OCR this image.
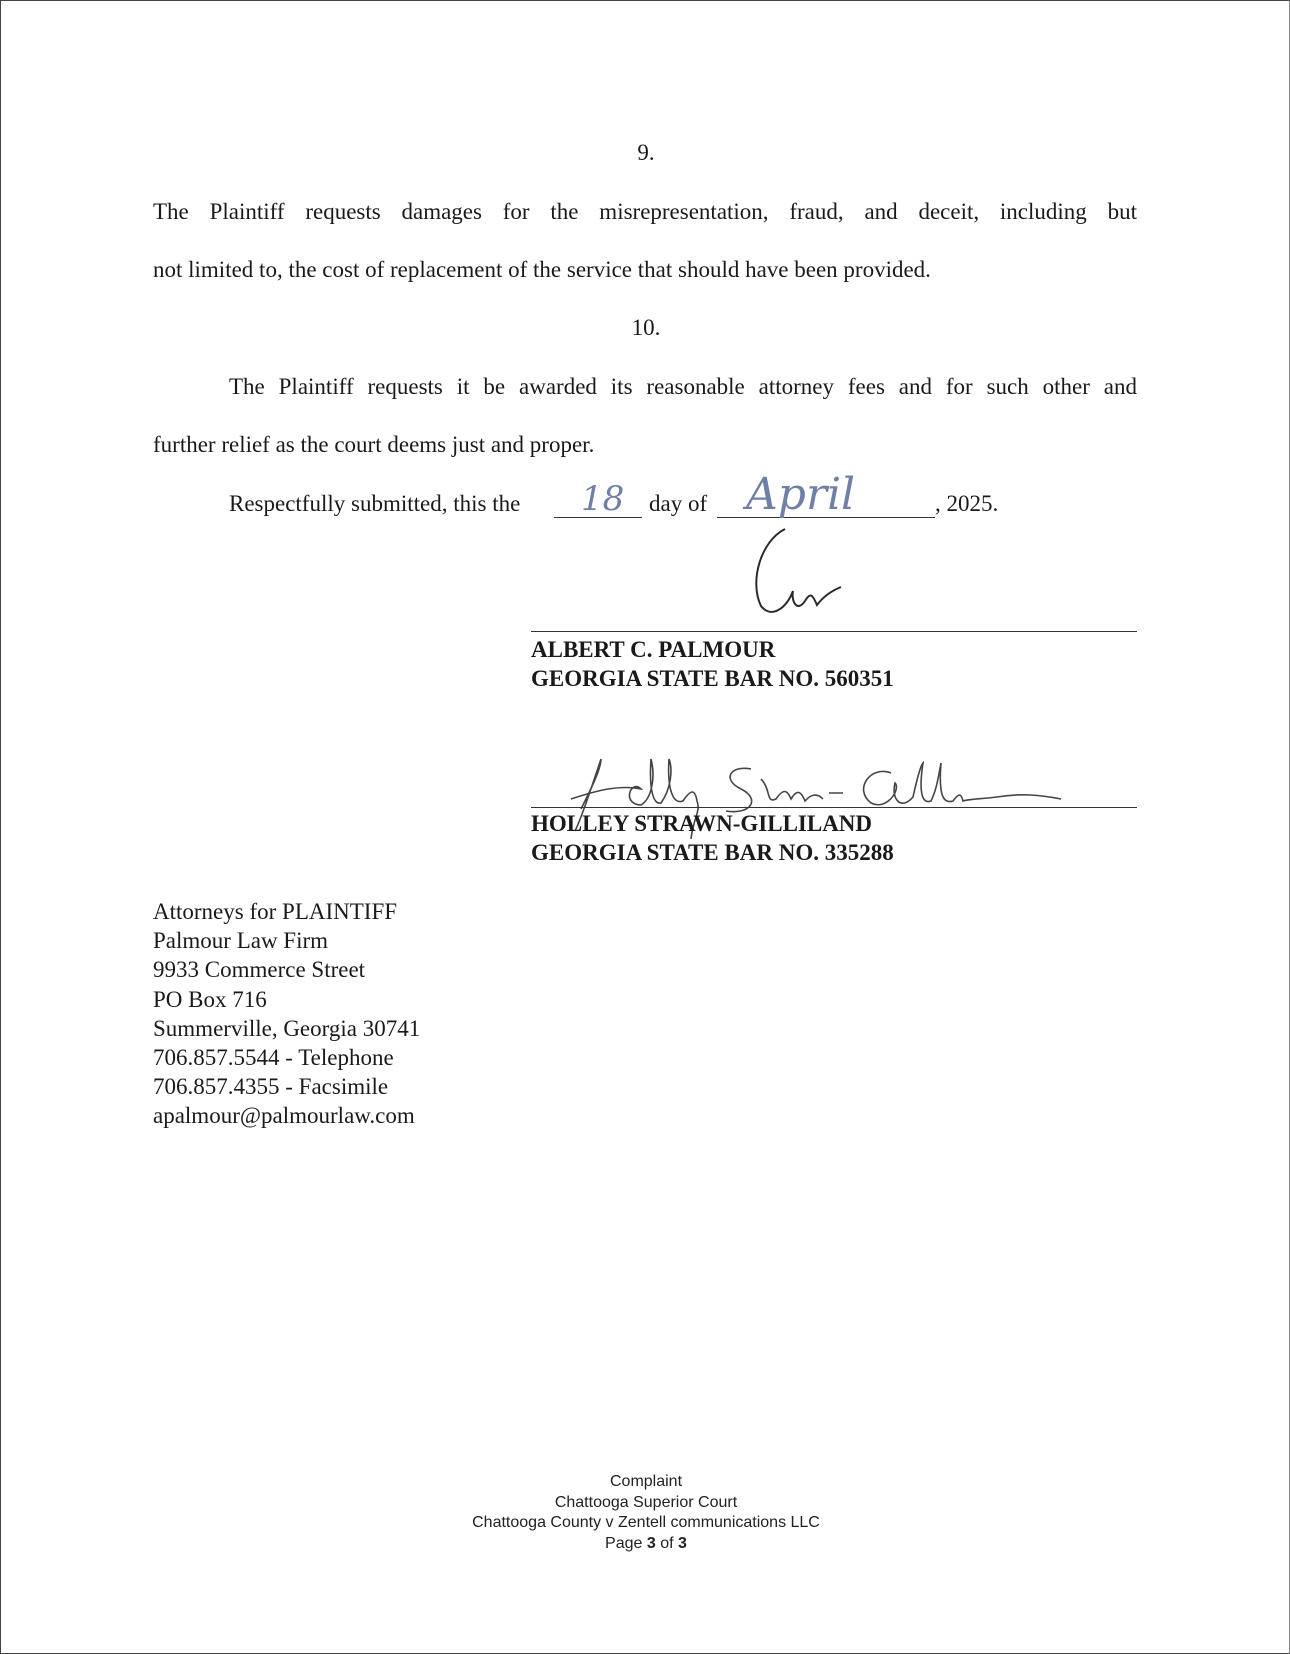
9.
The Plaintiff requests damages for the misrepresentation, fraud, and deceit, including but
not limited to, the cost of replacement of the service that should have been provided.
10.
The Plaintiff requests it be awarded its reasonable attorney fees and for such other and
further relief as the court deems just and proper.
Respectfully submitted, this the 18 day of April	, 2025.
ALBERT C. PALMOUR
GEORGIA STATE BAR NO. 560351
HOLLEY STRAWN-GILLILAND
GEORGIA STATE BAR NO. 335288
Attorneys for PLAINTIFF
Palmour Law Firm
9933 Commerce Street
PO Box 716
Summerville, Georgia 30741
706.857.5544 - Telephone
706.857.4355 - Facsimile
apalmour@palmourlaw.com
Complaint
Chattooga Superior Court
Chattooga County v Zentell communications LLC
Page 3 of 3
